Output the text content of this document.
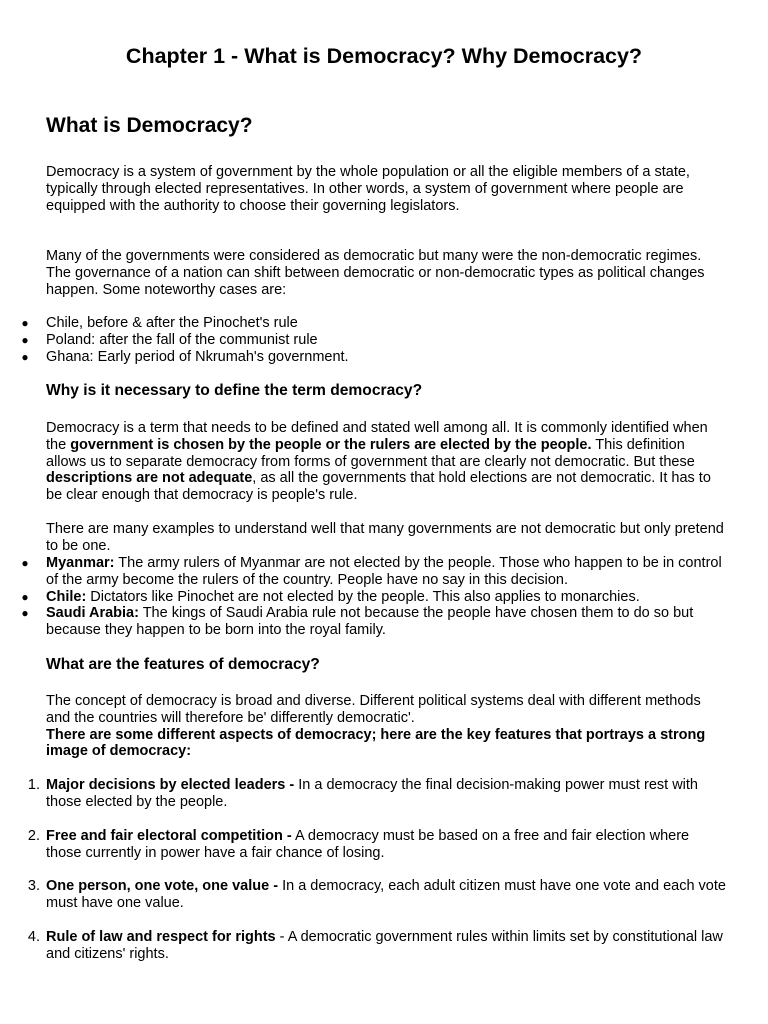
Chapter 1 - What is Democracy? Why Democracy?
What is Democracy?

Democracy is a system of government by the whole population or all the eligible members of a state, typically through elected representatives. In other words, a system of government where people are equipped with the authority to choose their governing legislators.

Many of the governments were considered as democratic but many were the non-democratic regimes. The governance of a nation can shift between democratic or non-democratic types as political changes happen. Some noteworthy cases are:

● Chile, before & after the Pinochet's rule
● Poland: after the fall of the communist rule
● Ghana: Early period of Nkrumah's government.
Why is it necessary to define the term democracy?

Democracy is a term that needs to be defined and stated well among all. It is commonly identified when the government is chosen by the people or the rulers are elected by the people. This definition allows us to separate democracy from forms of government that are clearly not democratic. But these descriptions are not adequate, as all the governments that hold elections are not democratic. It has to be clear enough that democracy is people's rule.

There are many examples to understand well that many governments are not democratic but only pretend to be one.

● Myanmar: The army rulers of Myanmar are not elected by the people. Those who happen to be in control of the army become the rulers of the country. People have no say in this decision.
● Chile: Dictators like Pinochet are not elected by the people. This also applies to monarchies.
● Saudi Arabia: The kings of Saudi Arabia rule not because the people have chosen them to do so but because they happen to be born into the royal family.
What are the features of democracy?

The concept of democracy is broad and diverse. Different political systems deal with different methods and the countries will therefore be' differently democratic'.
There are some different aspects of democracy; here are the key features that portrays a strong image of democracy:

1. Major decisions by elected leaders - In a democracy the final decision-making power must rest with those elected by the people.
2. Free and fair electoral competition - A democracy must be based on a free and fair election where those currently in power have a fair chance of losing.
3. One person, one vote, one value - In a democracy, each adult citizen must have one vote and each vote must have one value.
4. Rule of law and respect for rights - A democratic government rules within limits set by constitutional law and citizens' rights.
